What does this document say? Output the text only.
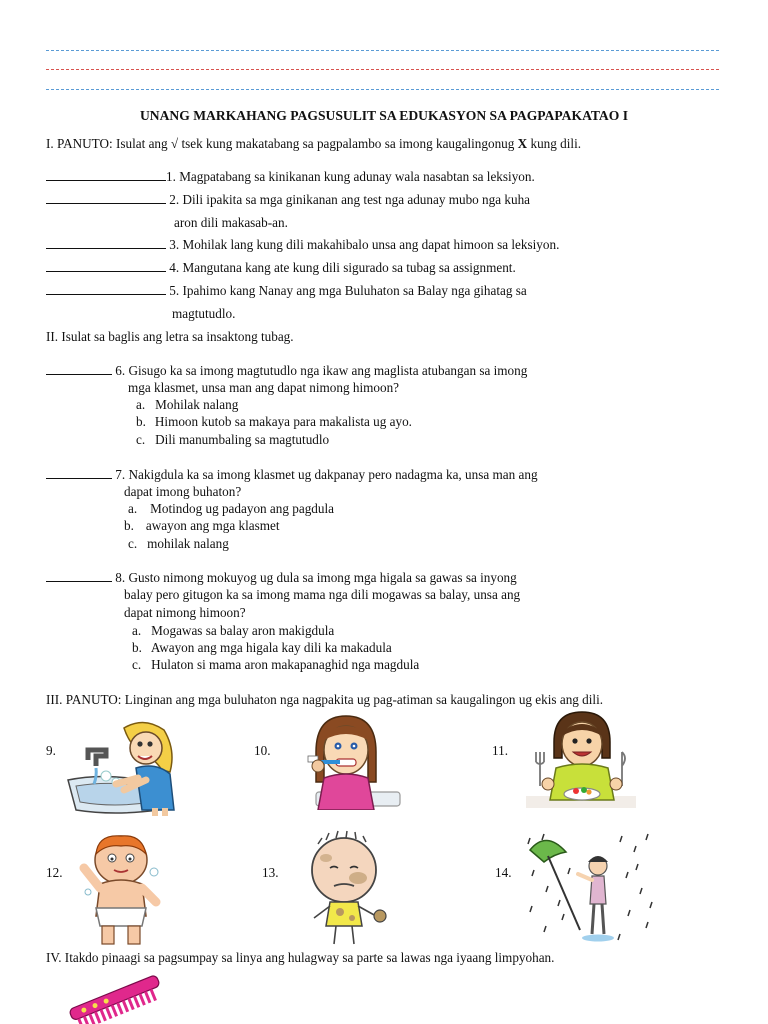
UNANG MARKAHANG PAGSUSULIT SA EDUKASYON SA PAGPAPAKATAO I
I. PANUTO: Isulat ang √ tsek kung makatabang sa pagpalambo sa imong kaugalingonug X kung dili.
1. Magpatabang sa kinikanan kung adunay wala nasabtan sa leksiyon.
2. Dili ipakita sa mga ginikanan ang test nga adunay mubo nga kuha
aron dili makasab-an.
3. Mohilak lang kung dili makahibalo unsa ang dapat himoon sa leksiyon.
4. Mangutana kang ate kung dili sigurado sa tubag sa assignment.
5. Ipahimo kang Nanay ang mga Buluhaton sa Balay nga gihatag sa
magtutudlo.
II. Isulat sa baglis ang letra sa insaktong tubag.
6. Gisugo ka sa imong magtutudlo nga ikaw ang maglista atubangan sa imong
mga klasmet, unsa man ang dapat nimong himoon?
a. Mohilak nalang
b. Himoon kutob sa makaya para makalista ug ayo.
c. Dili manumbaling sa magtutudlo
7. Nakigdula ka sa imong klasmet ug dakpanay pero nadagma ka, unsa man ang
dapat imong buhaton?
a. Motindog ug padayon ang pagdula
b. awayon ang mga klasmet
c. mohilak nalang
8. Gusto nimong mokuyog ug dula sa imong mga higala sa gawas sa inyong
balay pero gitugon ka sa imong mama nga dili mogawas sa balay, unsa ang
dapat nimong himoon?
a. Mogawas sa balay aron makigdula
b. Awayon ang mga higala kay dili ka makadula
c. Hulaton si mama aron makapanaghid nga magdula
III. PANUTO: Linginan ang mga buluhaton nga nagpakita ug pag-atiman sa kaugalingon ug ekis ang dili.
9.	10.	11.
12.	13.	14.
IV. Itakdo pinaagi sa pagsumpay sa linya ang hulagway sa parte sa lawas nga iyaang limpyohan.
